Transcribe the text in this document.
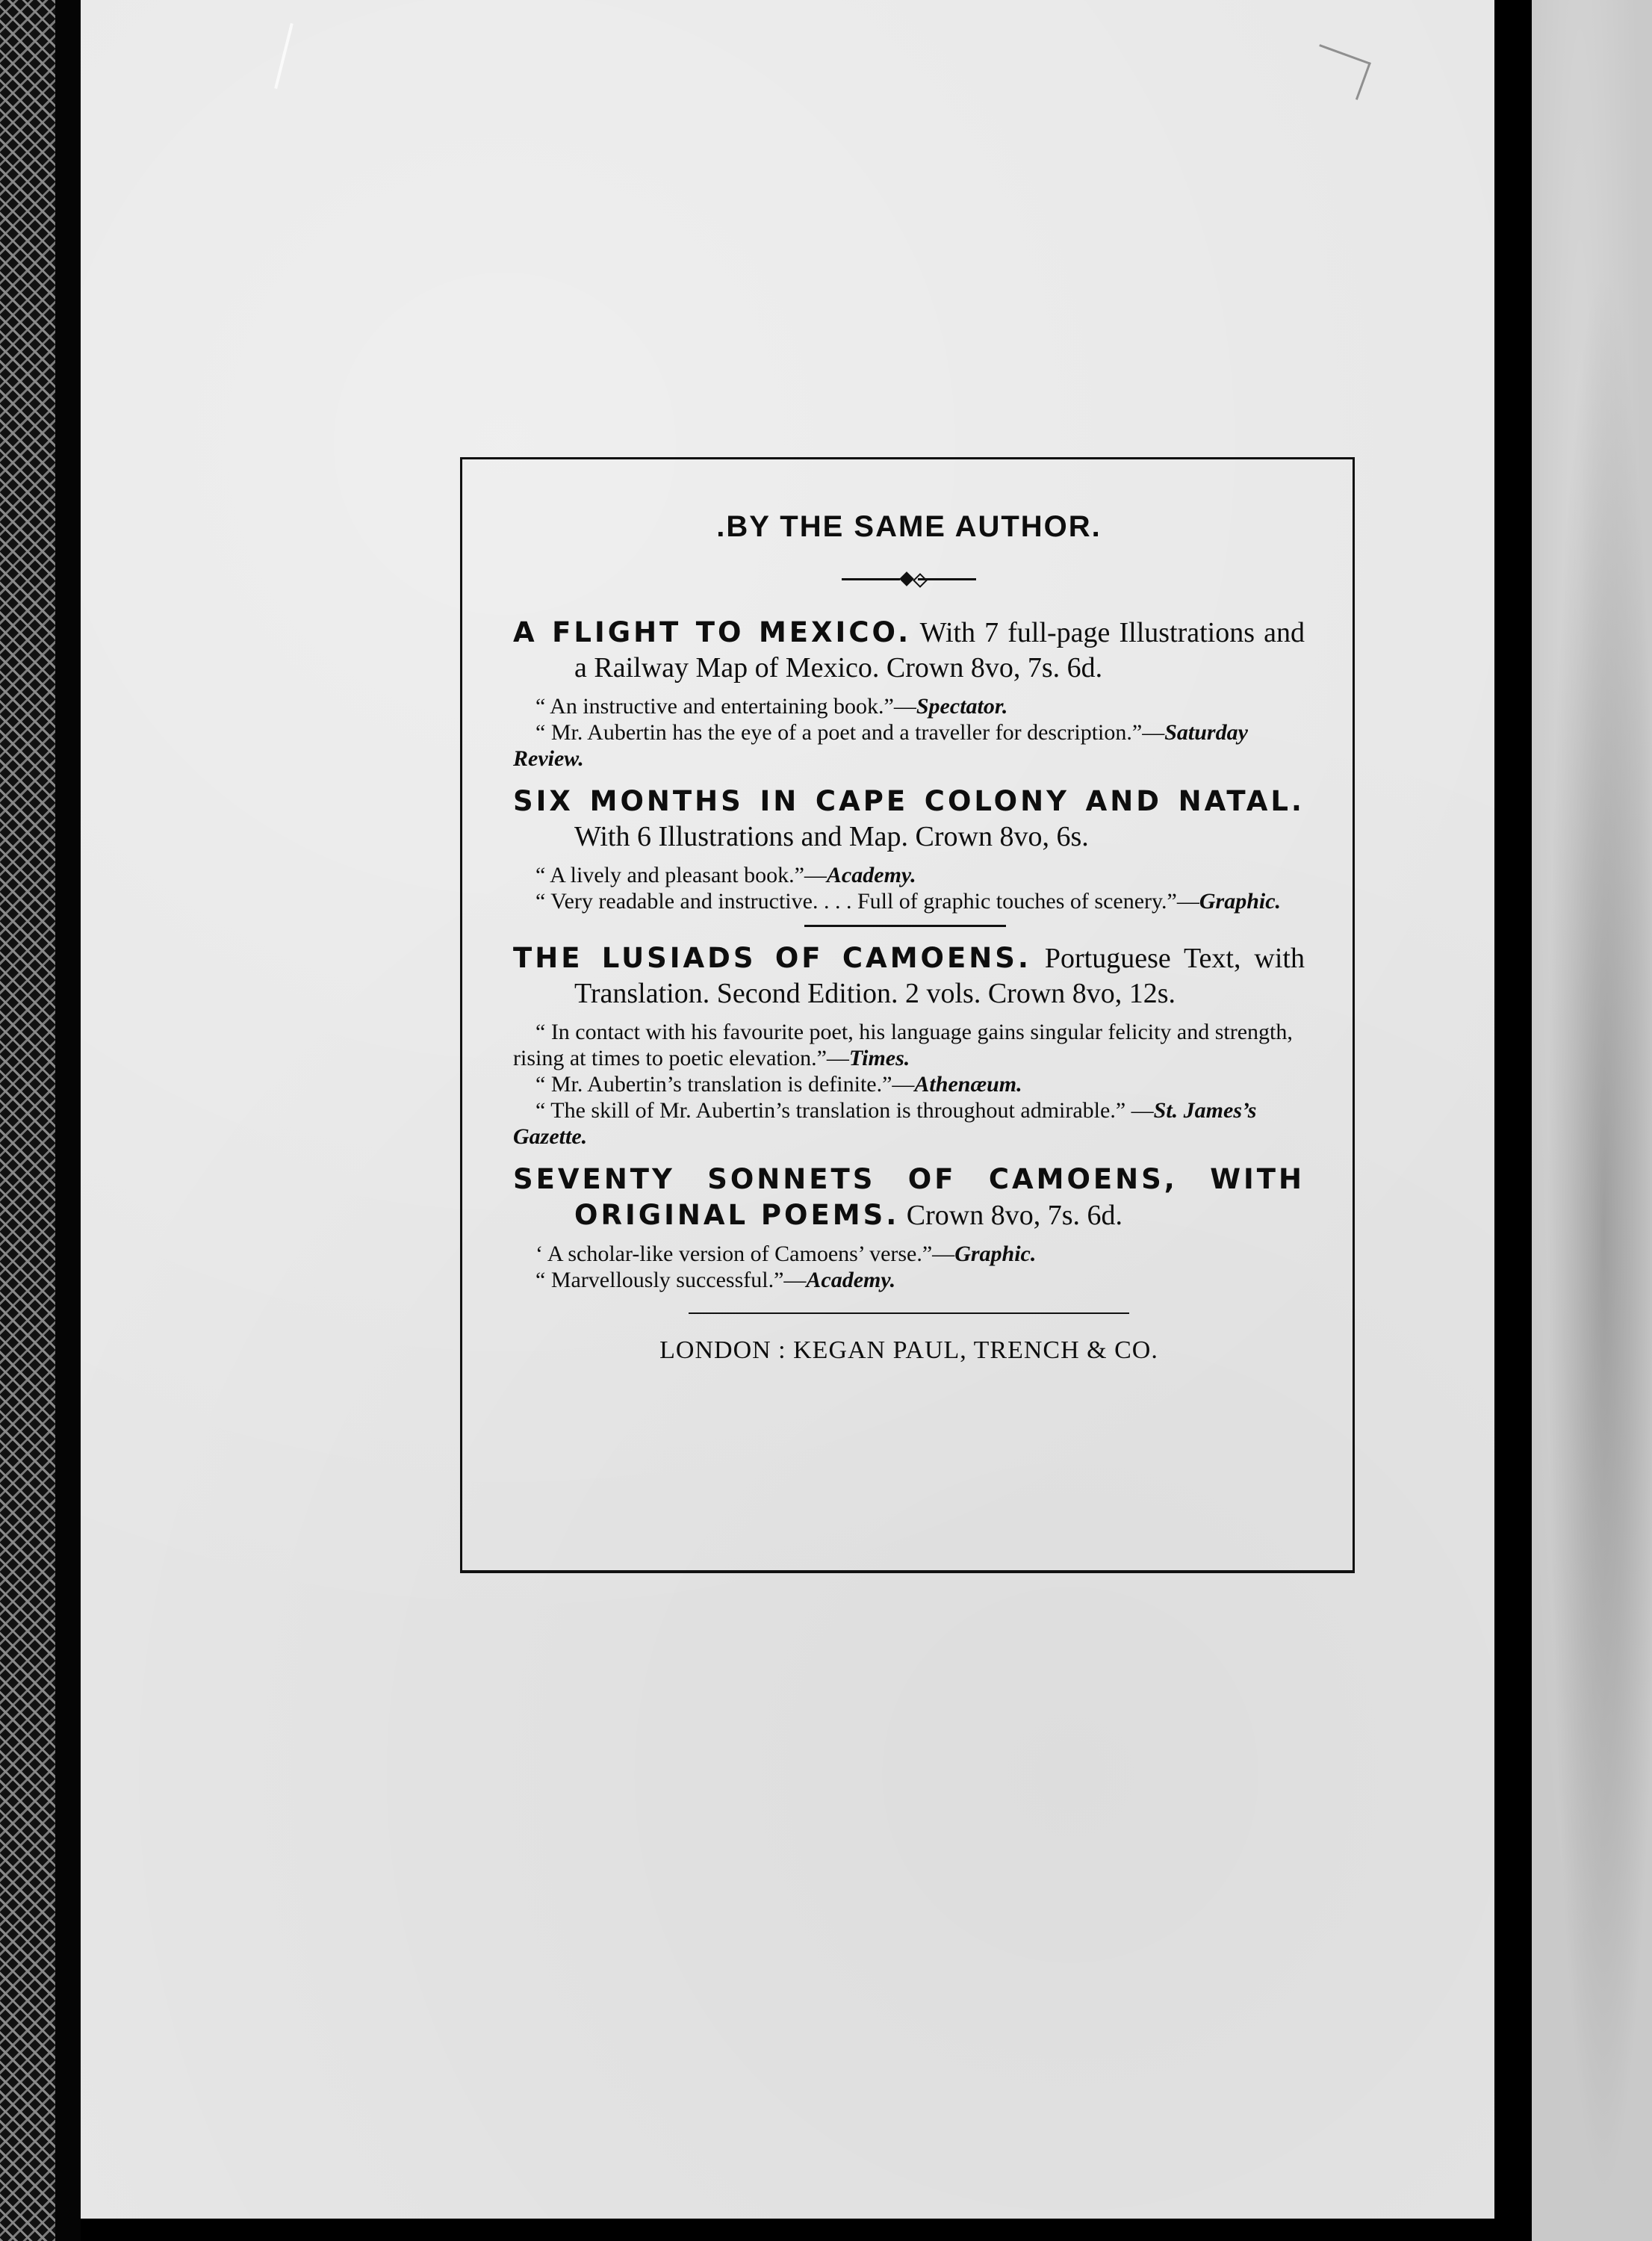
.BY THE SAME AUTHOR.

A FLIGHT TO MEXICO. With 7 full-page Illustrations and a Railway Map of Mexico. Crown 8vo, 7s. 6d.

“ An instructive and entertaining book.”—Spectator.

“ Mr. Aubertin has the eye of a poet and a traveller for description.”—Saturday Review.

SIX MONTHS IN CAPE COLONY AND NATAL. With 6 Illustrations and Map. Crown 8vo, 6s.

“ A lively and pleasant book.”—Academy.

“ Very readable and instructive. . . . Full of graphic touches of scenery.”—Graphic.

THE LUSIADS OF CAMOENS. Portuguese Text, with Translation. Second Edition. 2 vols. Crown 8vo, 12s.

“ In contact with his favourite poet, his language gains singular felicity and strength, rising at times to poetic elevation.”—Times.

“ Mr. Aubertin’s translation is definite.”—Athenæum.

“ The skill of Mr. Aubertin’s translation is throughout admirable.” —St. James’s Gazette.

SEVENTY SONNETS OF CAMOENS, WITH ORIGINAL POEMS. Crown 8vo, 7s. 6d.

‘ A scholar-like version of Camoens’ verse.”—Graphic.

“ Marvellously successful.”—Academy.

LONDON : KEGAN PAUL, TRENCH & CO.
